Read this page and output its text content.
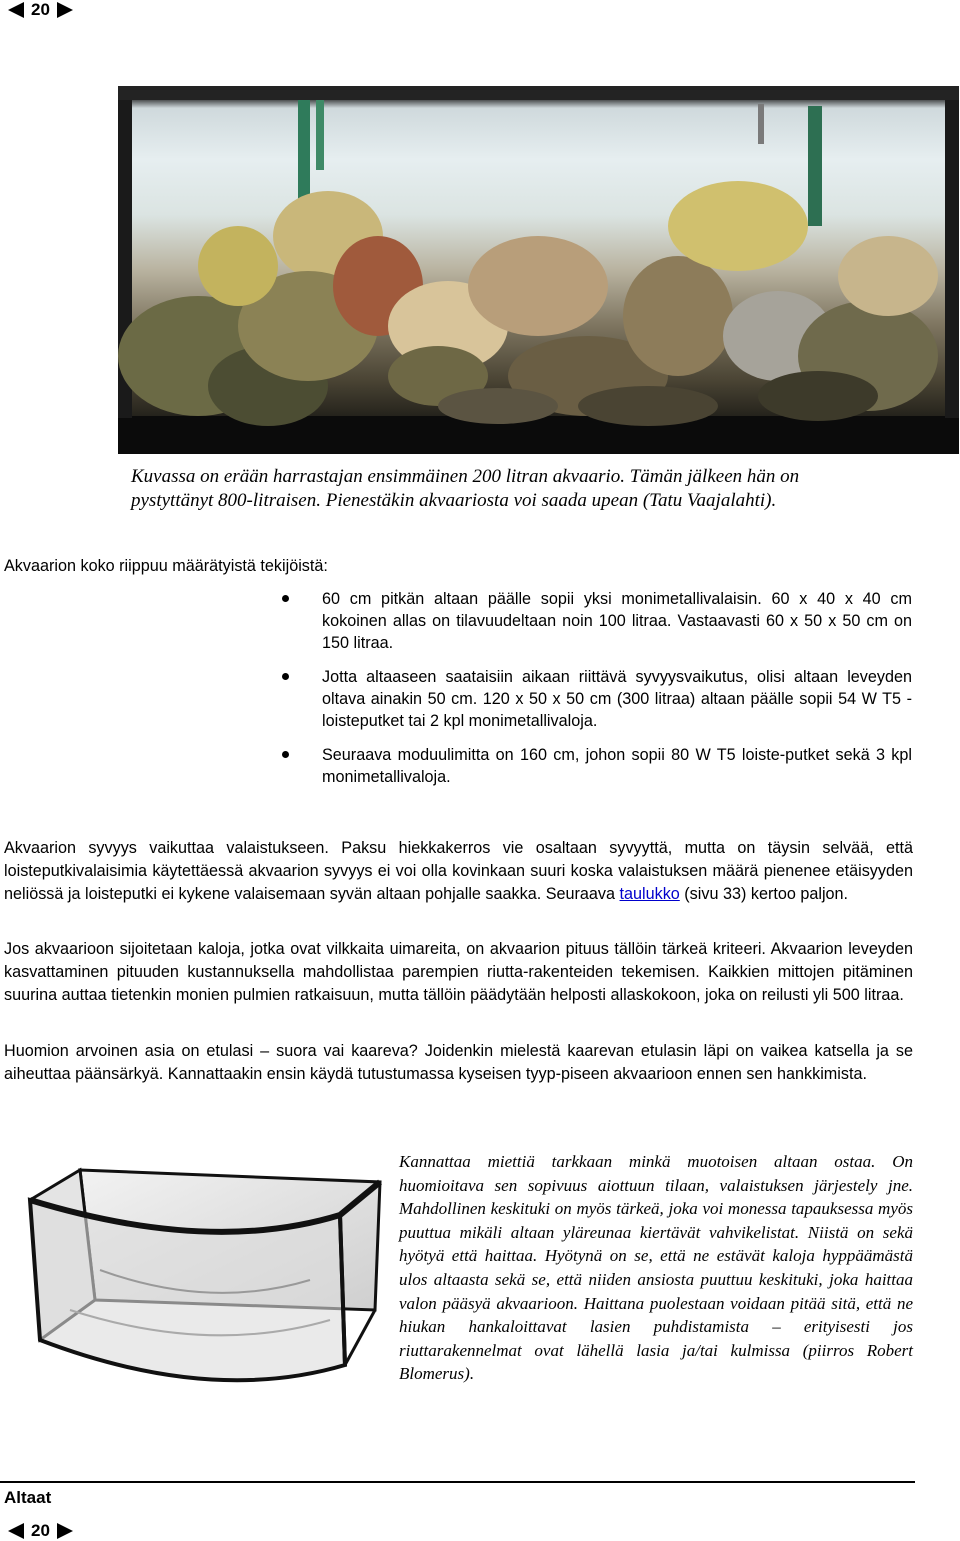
20
Kuvassa on erään harrastajan ensimmäinen 200 litran akvaario. Tämän jälkeen hän on
pystyttänyt 800-litraisen. Pienestäkin akvaariosta voi saada upean (Tatu Vaajalahti).
Akvaarion koko riippuu määrätyistä tekijöistä:
60 cm pitkän altaan päälle sopii yksi monimetallivalaisin. 60 x 40 x 40 cm kokoinen allas on tilavuudeltaan noin 100 litraa. Vastaavasti 60 x 50 x 50 cm on 150 litraa.
Jotta altaaseen saataisiin aikaan riittävä syvyysvaikutus, olisi altaan leveyden oltava ainakin 50 cm. 120 x 50 x 50 cm (300 litraa) altaan päälle sopii 54 W T5 -loisteputket tai 2 kpl monimetallivaloja.
Seuraava moduulimitta on 160 cm, johon sopii 80 W T5 loiste-putket sekä 3 kpl monimetallivaloja.
Akvaarion syvyys vaikuttaa valaistukseen. Paksu hiekkakerros vie osaltaan syvyyttä, mutta on täysin selvää, että loisteputkivalaisimia käytettäessä akvaarion syvyys ei voi olla kovinkaan suuri koska valaistuksen määrä pienenee etäisyyden neliössä ja loisteputki ei kykene valaisemaan syvän altaan pohjalle saakka. Seuraava taulukko (sivu 33) kertoo paljon.
Jos akvaarioon sijoitetaan kaloja, jotka ovat vilkkaita uimareita, on akvaarion pituus tällöin tärkeä kriteeri. Akvaarion leveyden kasvattaminen pituuden kustannuksella mahdollistaa parempien riutta-rakenteiden tekemisen. Kaikkien mittojen pitäminen suurina auttaa tietenkin monien pulmien ratkaisuun, mutta tällöin päädytään helposti allaskokoon, joka on reilusti yli 500 litraa.
Huomion arvoinen asia on etulasi – suora vai kaareva? Joidenkin mielestä kaarevan etulasin läpi on vaikea katsella ja se aiheuttaa päänsärkyä. Kannattaakin ensin käydä tutustumassa kyseisen tyyp-piseen akvaarioon ennen sen hankkimista.
Kannattaa miettiä tarkkaan minkä muotoisen altaan ostaa. On huomioitava sen sopivuus aiottuun tilaan, valaistuksen järjestely jne. Mahdollinen keskituki on myös tärkeä, joka voi monessa tapauksessa myös puuttua mikäli altaan yläreunaa kiertävät vahvikelistat. Niistä on sekä hyötyä että haittaa. Hyötynä on se, että ne estävät kaloja hyppäämästä ulos altaasta sekä se, että niiden ansiosta puuttuu keskituki, joka haittaa valon pääsyä akvaarioon. Haittana puolestaan voidaan pitää sitä, että ne hiukan hankaloittavat lasien puhdistamista – erityisesti jos riuttarakennelmat ovat lähellä lasia ja/tai kulmissa (piirros Robert Blomerus).
Altaat
20
